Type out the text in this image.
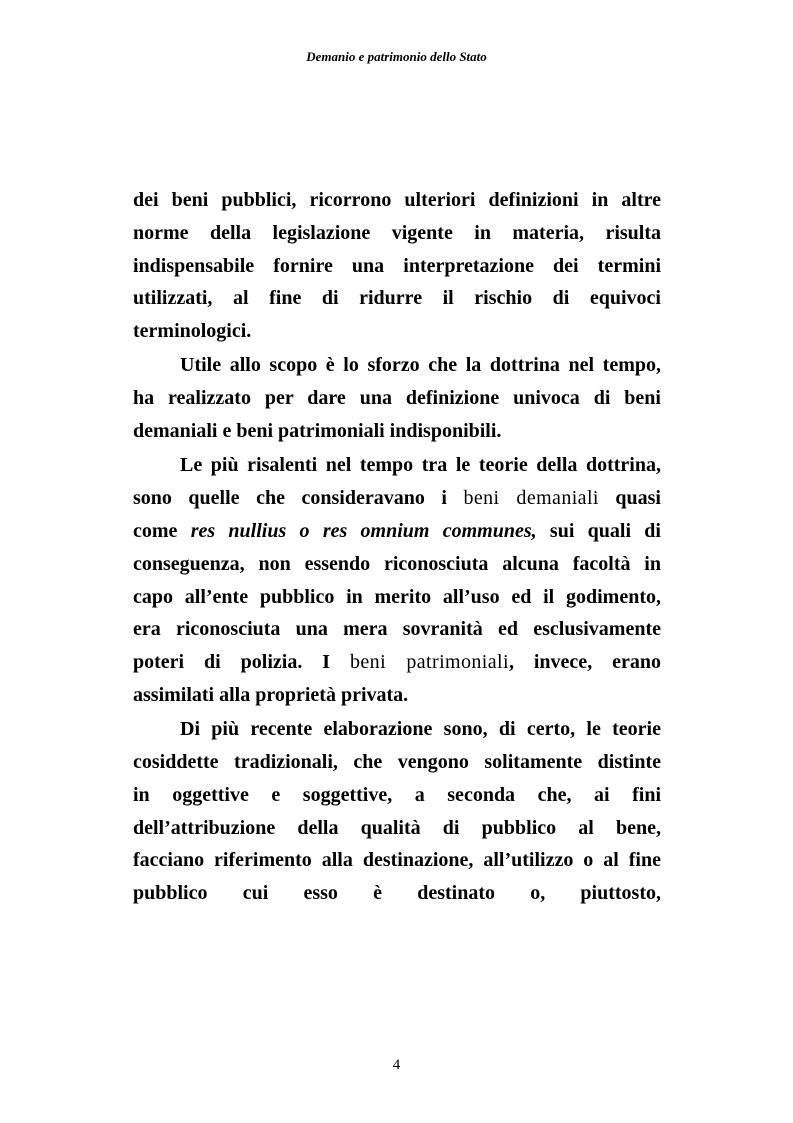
Demanio e patrimonio dello Stato
dei beni pubblici, ricorrono ulteriori definizioni in altre
norme della legislazione vigente in materia, risulta
indispensabile fornire una interpretazione dei termini
utilizzati, al fine di ridurre il rischio di equivoci
terminologici.
Utile allo scopo è lo sforzo che la dottrina nel tempo,
ha realizzato per dare una definizione univoca di beni
demaniali e beni patrimoniali indisponibili.
Le più risalenti nel tempo tra le teorie della dottrina,
sono quelle che consideravano i beni demaniali quasi
come res nullius o res omnium communes, sui quali di
conseguenza, non essendo riconosciuta alcuna facoltà in
capo all’ente pubblico in merito all’uso ed il godimento,
era riconosciuta una mera sovranità ed esclusivamente
poteri di polizia. I beni patrimoniali, invece, erano
assimilati alla proprietà privata.
Di più recente elaborazione sono, di certo, le teorie
cosiddette tradizionali, che vengono solitamente distinte
in oggettive e soggettive, a seconda che, ai fini
dell’attribuzione della qualità di pubblico al bene,
facciano riferimento alla destinazione, all’utilizzo o al fine
pubblico cui esso è destinato o, piuttosto,
4
